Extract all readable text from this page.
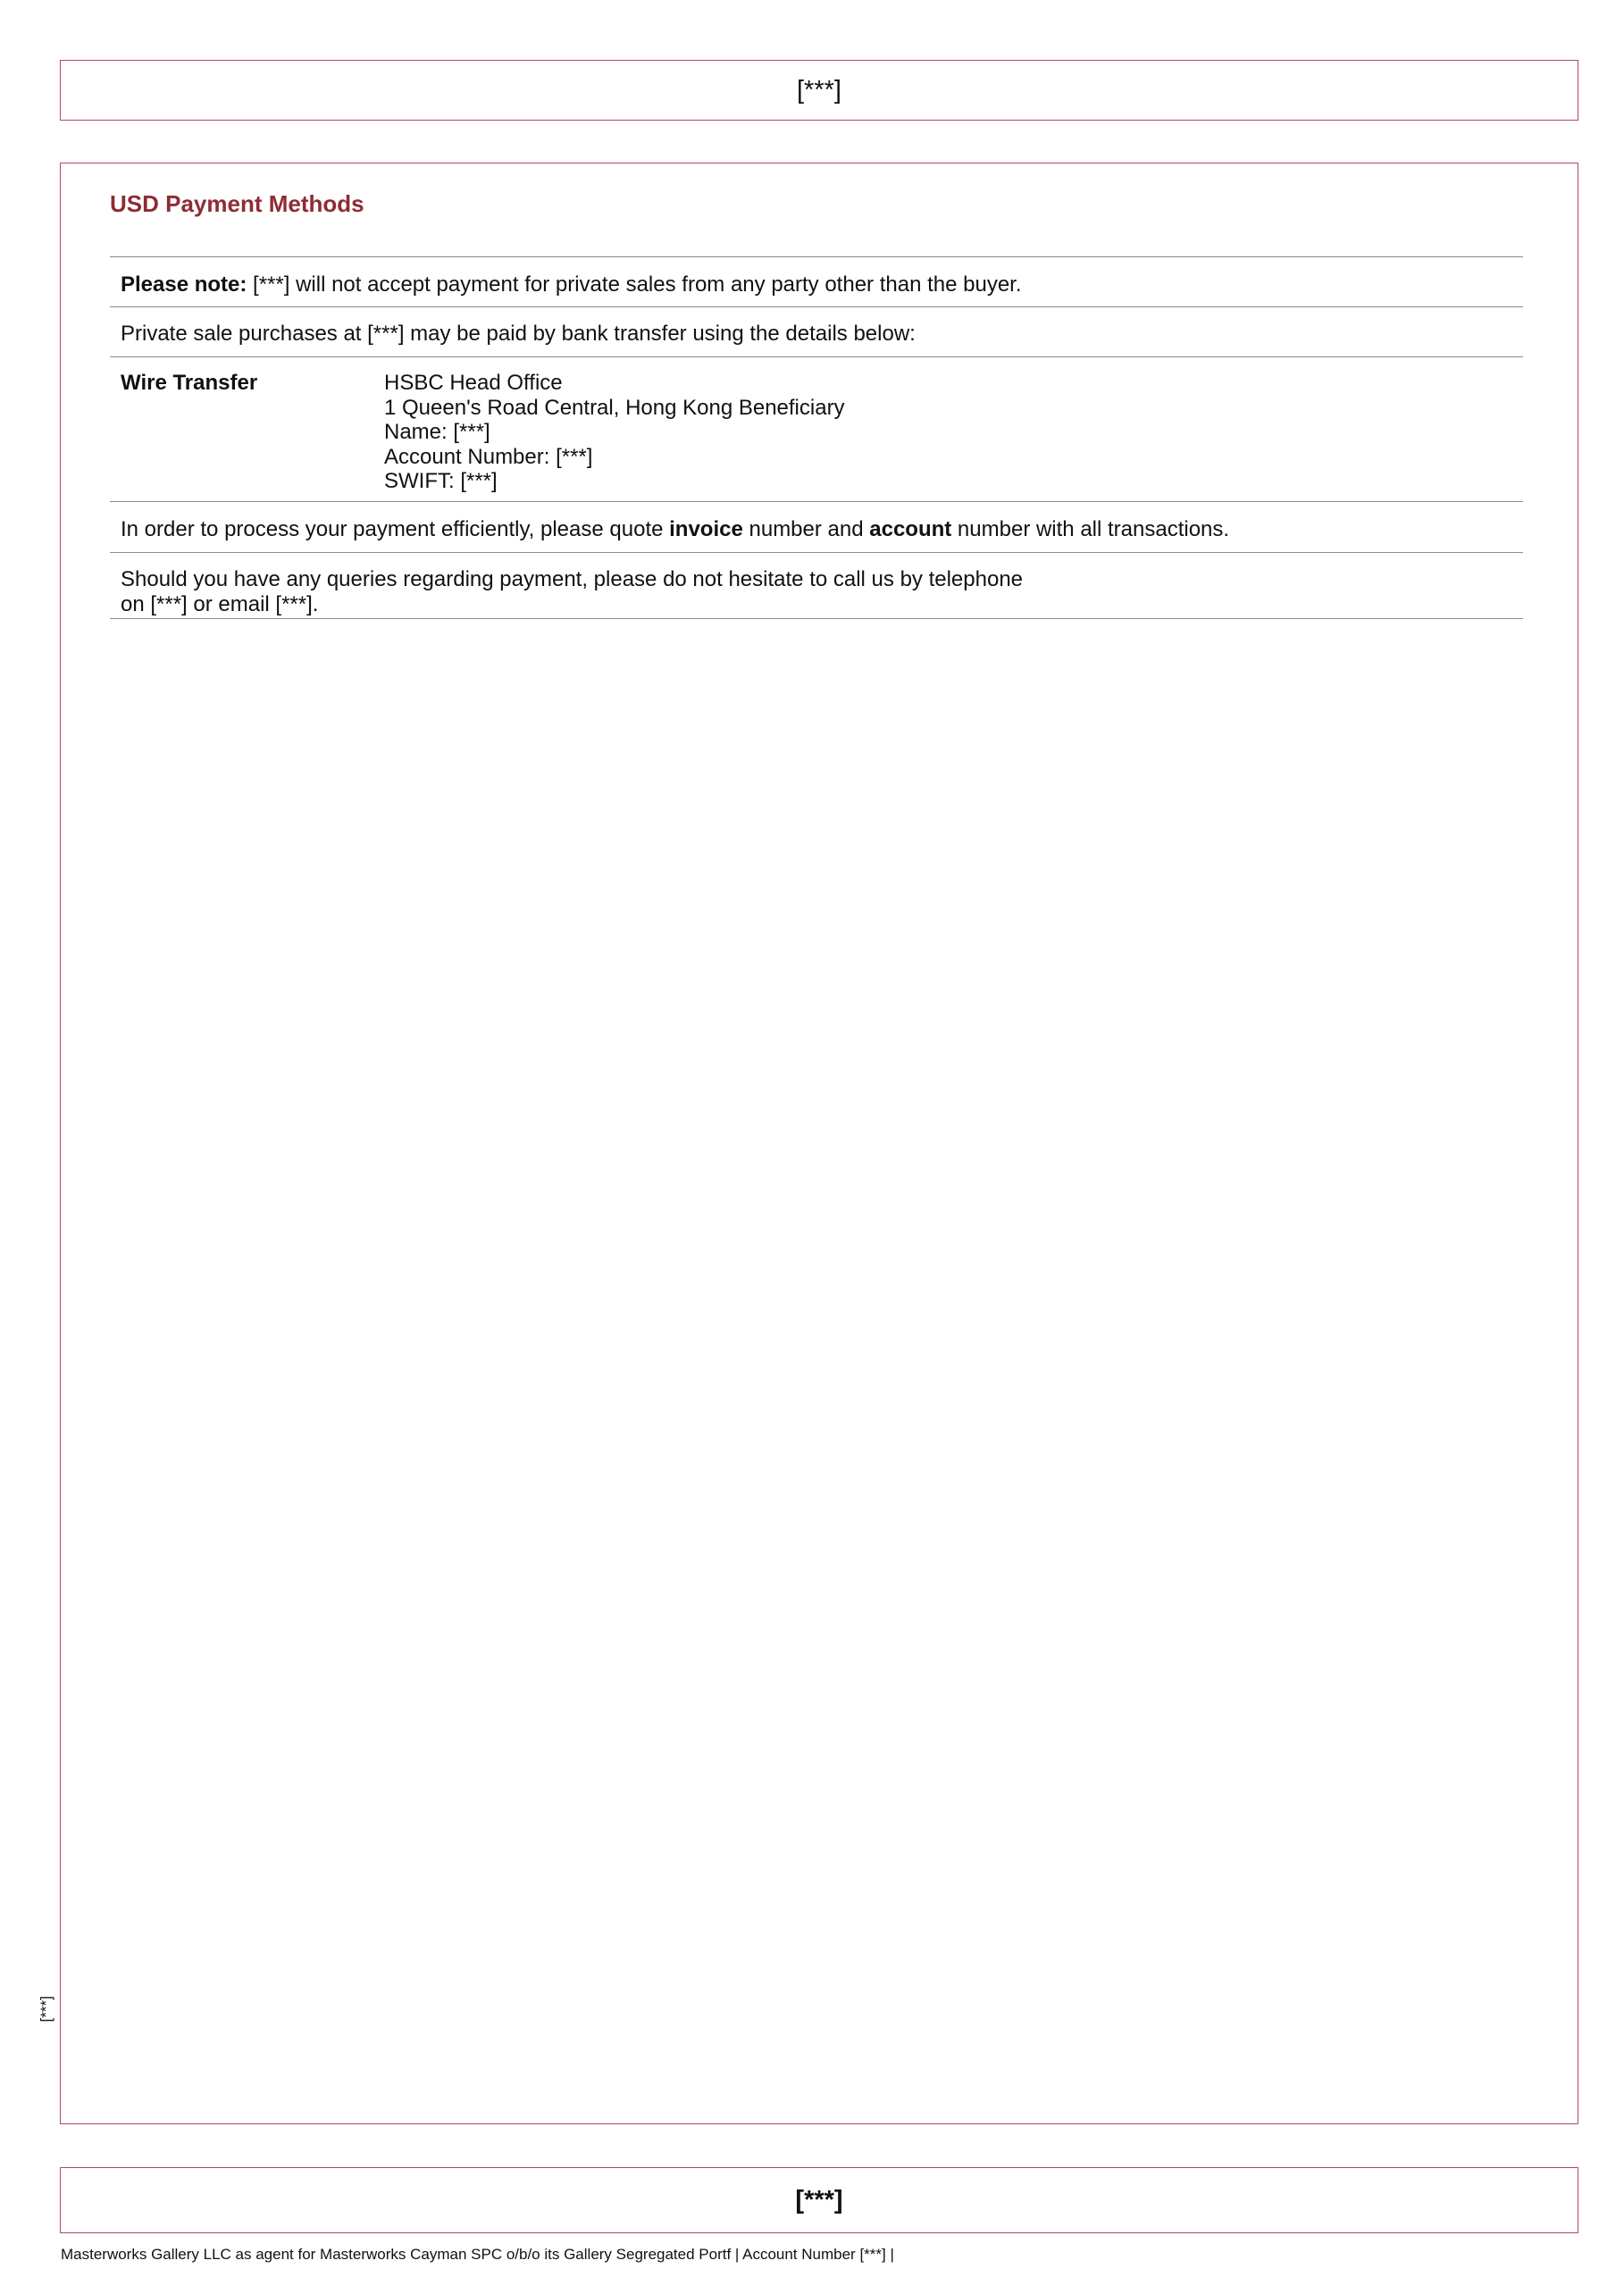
[***]
USD Payment Methods
Please note: [***] will not accept payment for private sales from any party other than the buyer.
Private sale purchases at [***] may be paid by bank transfer using the details below:
Wire Transfer	HSBC Head Office
1 Queen's Road Central, Hong Kong Beneficiary
Name: [***]
Account Number: [***]
SWIFT: [***]
In order to process your payment efficiently, please quote invoice number and account number with all transactions.
Should you have any queries regarding payment, please do not hesitate to call us by telephone
on [***] or email [***].
[***]
[***]
Masterworks Gallery LLC as agent for Masterworks Cayman SPC o/b/o its Gallery Segregated Portf | Account Number [***] |
